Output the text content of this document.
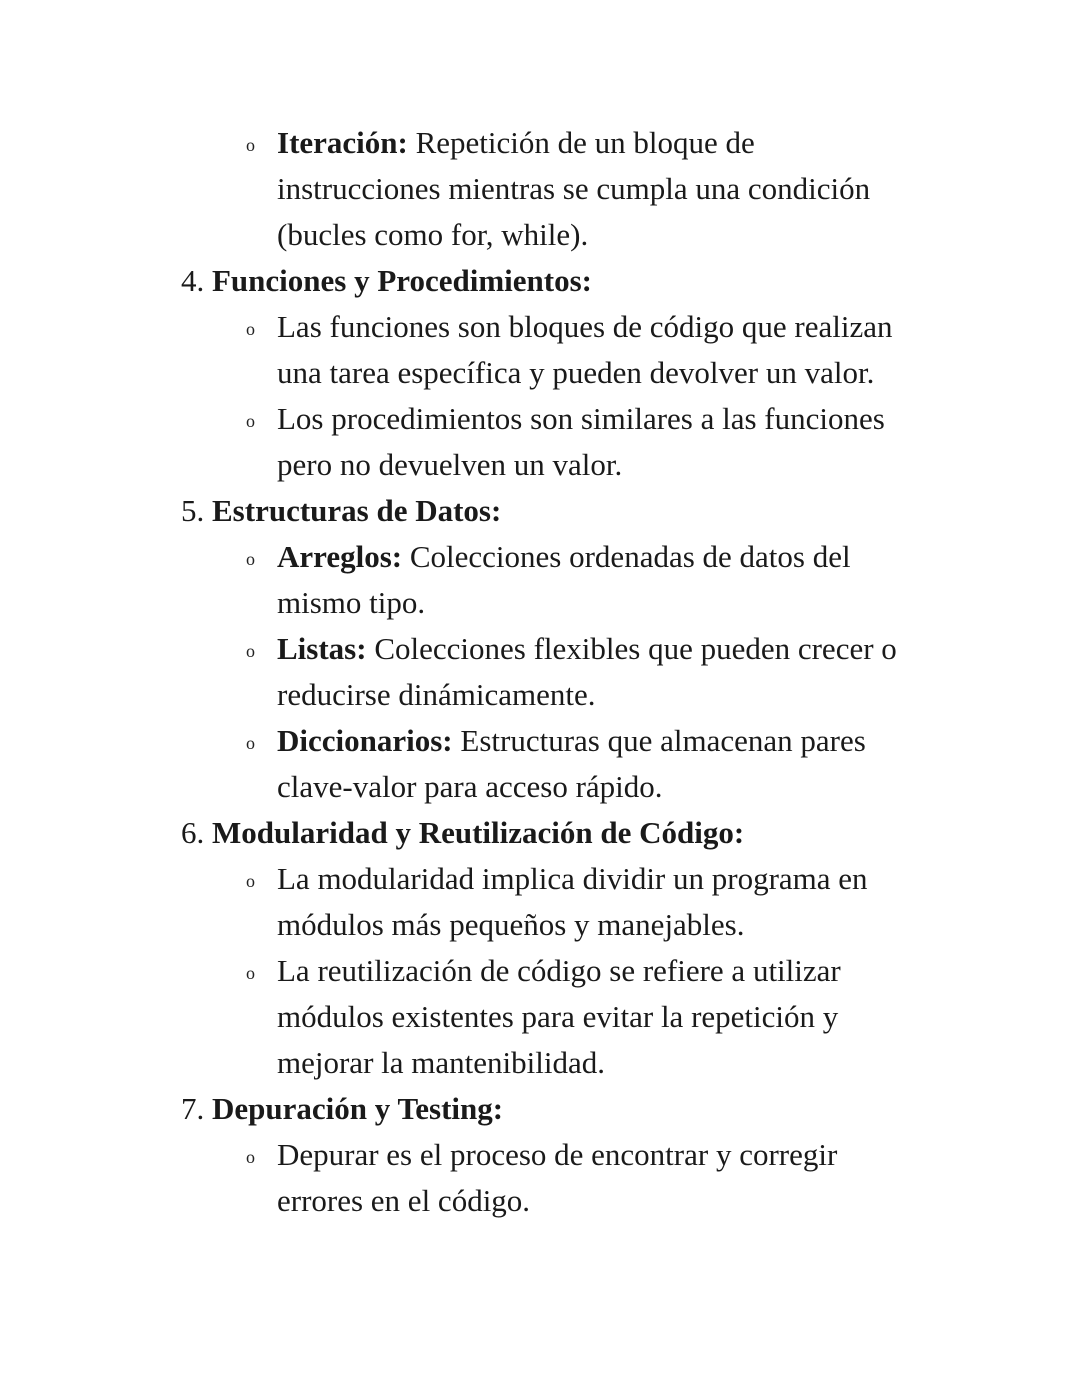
o Iteración: Repetición de un bloque de
instrucciones mientras se cumpla una condición
(bucles como for, while).
4. Funciones y Procedimientos:
o Las funciones son bloques de código que realizan
una tarea específica y pueden devolver un valor.
o Los procedimientos son similares a las funciones
pero no devuelven un valor.
5. Estructuras de Datos:
o Arreglos: Colecciones ordenadas de datos del
mismo tipo.
o Listas: Colecciones flexibles que pueden crecer o
reducirse dinámicamente.
o Diccionarios: Estructuras que almacenan pares
clave-valor para acceso rápido.
6. Modularidad y Reutilización de Código:
o La modularidad implica dividir un programa en
módulos más pequeños y manejables.
o La reutilización de código se refiere a utilizar
módulos existentes para evitar la repetición y
mejorar la mantenibilidad.
7. Depuración y Testing:
o Depurar es el proceso de encontrar y corregir
errores en el código.
